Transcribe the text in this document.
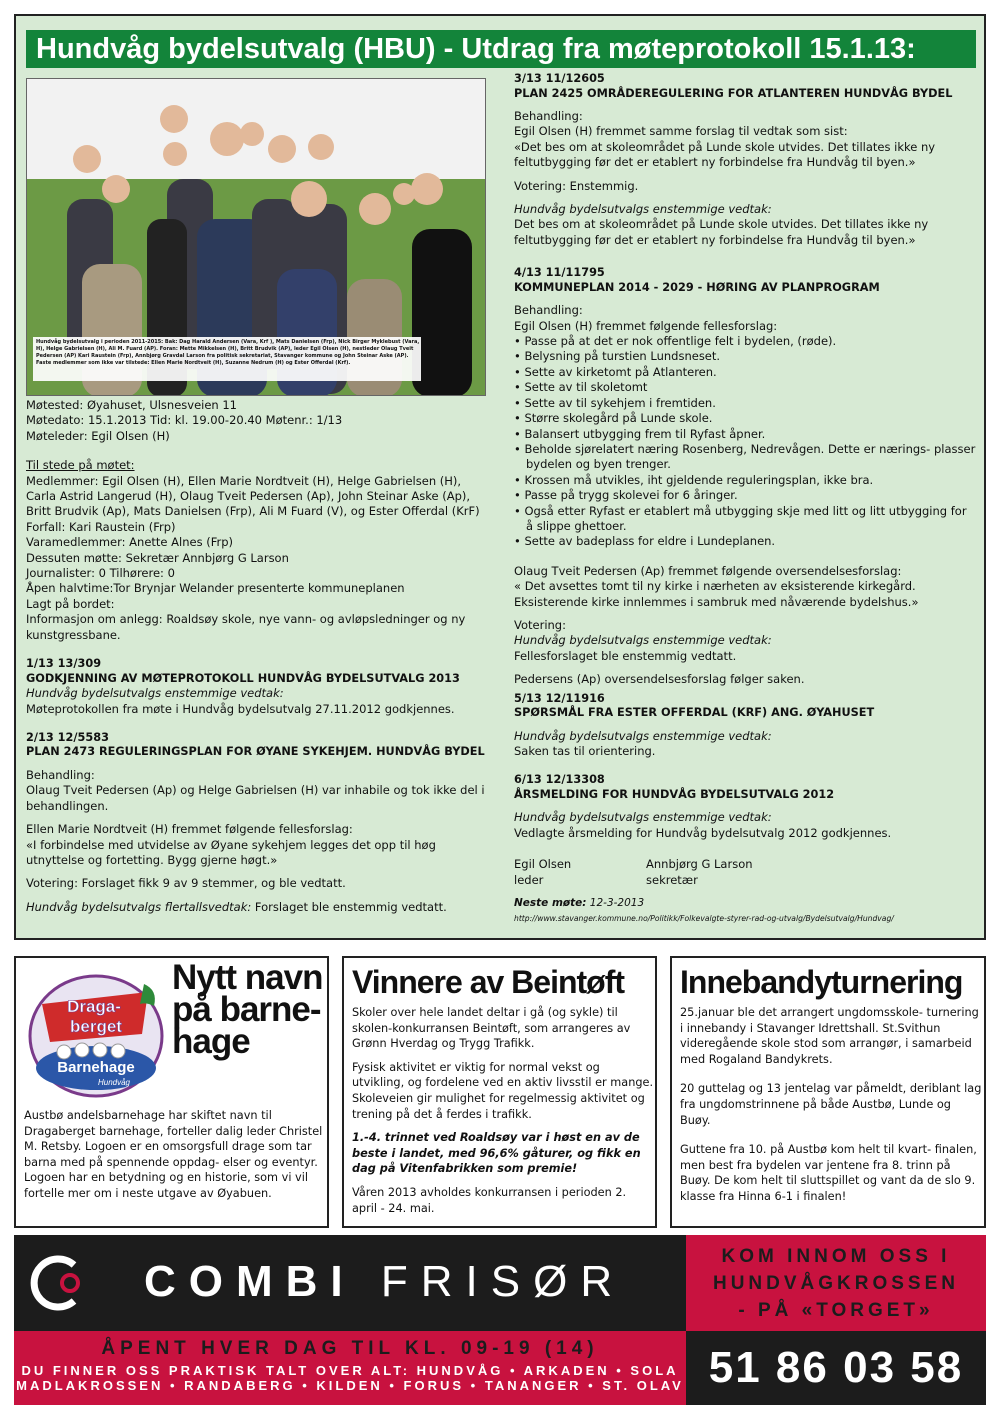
Hundvåg bydelsutvalg (HBU) - Utdrag fra møteprotokoll 15.1.13:
Hundvåg bydelsutvalg i perioden 2011-2015: Bak: Dag Harald Andersen (Vara, Krf ), Mats Danielsen (Frp), Nick Birger Myklebust (Vara, H), Helge Gabrielsen (H), Ali M. Fuard (AP). Foran: Mette Mikkelsen (H), Britt Brudvik (AP), leder Egil Olsen (H), nestleder Olaug Tveit Pedersen (AP) Kari Raustein (Frp), Annbjørg Gravdal Larson fra politisk sekretariat, Stavanger kommune og John Steinar Aske (AP). Faste medlemmer som ikke var tilstede: Ellen Marie Nordtveit (H), Suzanne Nedrum (H) og Ester Offerdal (Krf).
Møtested: Øyahuset, Ulsnesveien 11
Møtedato: 15.1.2013 Tid: kl. 19.00-20.40 Møtenr.: 1/13
Møteleder: Egil Olsen (H)
Til stede på møtet:
Medlemmer: Egil Olsen (H), Ellen Marie Nordtveit (H), Helge Gabrielsen (H), Carla Astrid Langerud (H), Olaug Tveit Pedersen (Ap), John Steinar Aske (Ap), Britt Brudvik (Ap), Mats Danielsen (Frp), Ali M Fuard (V), og Ester Offerdal (KrF)
Forfall: Kari Raustein (Frp)
Varamedlemmer: Anette Alnes (Frp)
Dessuten møtte: Sekretær Annbjørg G Larson
Journalister: 0 Tilhørere: 0
Åpen halvtime:Tor Brynjar Welander presenterte kommuneplanen
Lagt på bordet:
Informasjon om anlegg: Roaldsøy skole, nye vann- og avløpsledninger og ny kunstgressbane.
1/13 13/309
GODKJENNING AV MØTEPROTOKOLL HUNDVÅG BYDELSUTVALG 2013
Hundvåg bydelsutvalgs enstemmige vedtak:
Møteprotokollen fra møte i Hundvåg bydelsutvalg 27.11.2012 godkjennes.
2/13 12/5583
PLAN 2473 REGULERINGSPLAN FOR ØYANE SYKEHJEM. HUNDVÅG BYDEL
Behandling:
Olaug Tveit Pedersen (Ap) og Helge Gabrielsen (H) var inhabile og tok ikke del i behandlingen.
Ellen Marie Nordtveit (H) fremmet følgende fellesforslag:
«I forbindelse med utvidelse av Øyane sykehjem legges det opp til høg utnyttelse og fortetting. Bygg gjerne høgt.»
Votering: Forslaget fikk 9 av 9 stemmer, og ble vedtatt.
Hundvåg bydelsutvalgs flertallsvedtak: Forslaget ble enstemmig vedtatt.
3/13 11/12605
PLAN 2425 OMRÅDEREGULERING FOR ATLANTEREN HUNDVÅG BYDEL
Behandling:
Egil Olsen (H) fremmet samme forslag til vedtak som sist:
«Det bes om at skoleområdet på Lunde skole utvides. Det tillates ikke ny feltutbygging før det er etablert ny forbindelse fra Hundvåg til byen.»
Votering: Enstemmig.
Hundvåg bydelsutvalgs enstemmige vedtak:
Det bes om at skoleområdet på Lunde skole utvides. Det tillates ikke ny feltutbygging før det er etablert ny forbindelse fra Hundvåg til byen.»
4/13 11/11795
KOMMUNEPLAN 2014 - 2029 - HØRING AV PLANPROGRAM
Behandling:
Egil Olsen (H) fremmet følgende fellesforslag:
• Passe på at det er nok offentlige felt i bydelen, (røde).
• Belysning på turstien Lundsneset.
• Sette av kirketomt på Atlanteren.
• Sette av til skoletomt
• Sette av til sykehjem i fremtiden.
• Større skolegård på Lunde skole.
• Balansert utbygging frem til Ryfast åpner.
• Beholde sjørelatert næring Rosenberg, Nedrevågen. Dette er nærings- plasser bydelen og byen trenger.
• Krossen må utvikles, iht gjeldende reguleringsplan, ikke bra.
• Passe på trygg skolevei for 6 åringer.
• Også etter Ryfast er etablert må utbygging skje med litt og litt utbygging for å slippe ghettoer.
• Sette av badeplass for eldre i Lundeplanen.
Olaug Tveit Pedersen (Ap) fremmet følgende oversendelsesforslag:
« Det avsettes tomt til ny kirke i nærheten av eksisterende kirkegård. Eksisterende kirke innlemmes i sambruk med nåværende bydelshus.»
Votering:
Hundvåg bydelsutvalgs enstemmige vedtak:
Fellesforslaget ble enstemmig vedtatt.
Pedersens (Ap) oversendelsesforslag følger saken.
5/13 12/11916
SPØRSMÅL FRA ESTER OFFERDAL (KRF) ANG. ØYAHUSET
Hundvåg bydelsutvalgs enstemmige vedtak:
Saken tas til orientering.
6/13 12/13308
ÅRSMELDING FOR HUNDVÅG BYDELSUTVALG 2012
Hundvåg bydelsutvalgs enstemmige vedtak:
Vedlagte årsmelding for Hundvåg bydelsutvalg 2012 godkjennes.
Egil Olsen
leder
Annbjørg G Larson
sekretær
Neste møte: 12-3-2013
http://www.stavanger.kommune.no/Politikk/Folkevalgte-styrer-rad-og-utvalg/Bydelsutvalg/Hundvag/
Draga-
berget
Barnehage
Hundvåg
Nytt navn på barne- hage
Austbø andelsbarnehage har skiftet navn til Dragaberget barnehage, forteller dalig leder Christel M. Retsby. Logoen er en omsorgsfull drage som tar barna med på spennende oppdag- elser og eventyr. Logoen har en betydning og en historie, som vi vil fortelle mer om i neste utgave av Øyabuen.
Vinnere av Beintøft
Skoler over hele landet deltar i gå (og sykle) til skolen-konkurransen Beintøft, som arrangeres av Grønn Hverdag og Trygg Trafikk.
Fysisk aktivitet er viktig for normal vekst og utvikling, og fordelene ved en aktiv livsstil er mange. Skoleveien gir mulighet for regelmessig aktivitet og trening på det å ferdes i trafikk.
1.-4. trinnet ved Roaldsøy var i høst en av de beste i landet, med 96,6% gåturer, og fikk en dag på Vitenfabrikken som premie!
Våren 2013 avholdes konkurransen i perioden 2. april - 24. mai.
Innebandyturnering
25.januar ble det arrangert ungdomsskole- turnering i innebandy i Stavanger Idrettshall. St.Svithun videregående skole stod som arrangør, i samarbeid med Rogaland Bandykrets.
20 guttelag og 13 jentelag var påmeldt, deriblant lag fra ungdomstrinnene på både Austbø, Lunde og Buøy.
Guttene fra 10. på Austbø kom helt til kvart- finalen, men best fra bydelen var jentene fra 8. trinn på Buøy. De kom helt til sluttspillet og vant da de slo 9. klasse fra Hinna 6-1 i finalen!
COMBI FRISØR
KOM INNOM OSS I
HUNDVÅGKROSSEN
- PÅ «TORGET»
ÅPENT HVER DAG TIL KL. 09-19 (14)
DU FINNER OSS PRAKTISK TALT OVER ALT: HUNDVÅG • ARKADEN • SOLA
MADLAKROSSEN • RANDABERG • KILDEN • FORUS • TANANGER • ST. OLAV 51 86 03 58
